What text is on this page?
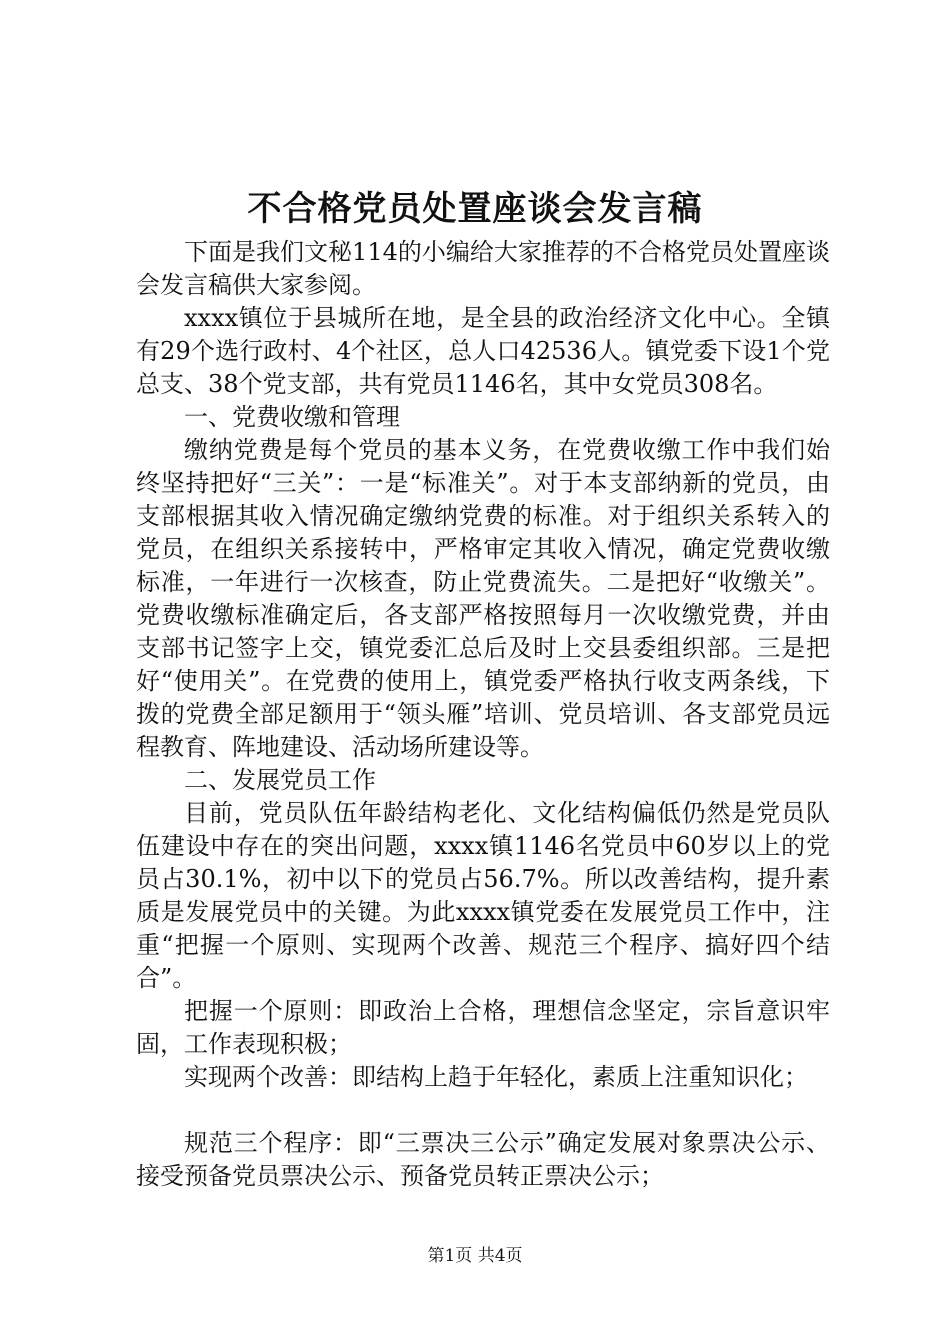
不合格党员处置座谈会发言稿

下面是我们文秘114的小编给大家推荐的不合格党员处置座谈会发言稿供大家参阅。

xxxx镇位于县城所在地，是全县的政治经济文化中心。全镇有29个选行政村、4个社区，总人口42536人。镇党委下设1个党总支、38个党支部，共有党员1146名，其中女党员308名。

一、党费收缴和管理

缴纳党费是每个党员的基本义务，在党费收缴工作中我们始终坚持把好“三关”：一是“标准关”。对于本支部纳新的党员，由支部根据其收入情况确定缴纳党费的标准。对于组织关系转入的党员，在组织关系接转中，严格审定其收入情况，确定党费收缴标准，一年进行一次核查，防止党费流失。二是把好“收缴关”。党费收缴标准确定后，各支部严格按照每月一次收缴党费，并由支部书记签字上交，镇党委汇总后及时上交县委组织部。三是把好“使用关”。在党费的使用上，镇党委严格执行收支两条线，下拨的党费全部足额用于“领头雁”培训、党员培训、各支部党员远程教育、阵地建设、活动场所建设等。

二、发展党员工作

目前，党员队伍年龄结构老化、文化结构偏低仍然是党员队伍建设中存在的突出问题，xxxx镇1146名党员中60岁以上的党员占30.1%，初中以下的党员占56.7%。所以改善结构，提升素质是发展党员中的关键。为此xxxx镇党委在发展党员工作中，注重“把握一个原则、实现两个改善、规范三个程序、搞好四个结合”。

把握一个原则：即政治上合格，理想信念坚定，宗旨意识牢固，工作表现积极；

实现两个改善：即结构上趋于年轻化，素质上注重知识化；

规范三个程序：即“三票决三公示”确定发展对象票决公示、接受预备党员票决公示、预备党员转正票决公示；

第1页 共4页
